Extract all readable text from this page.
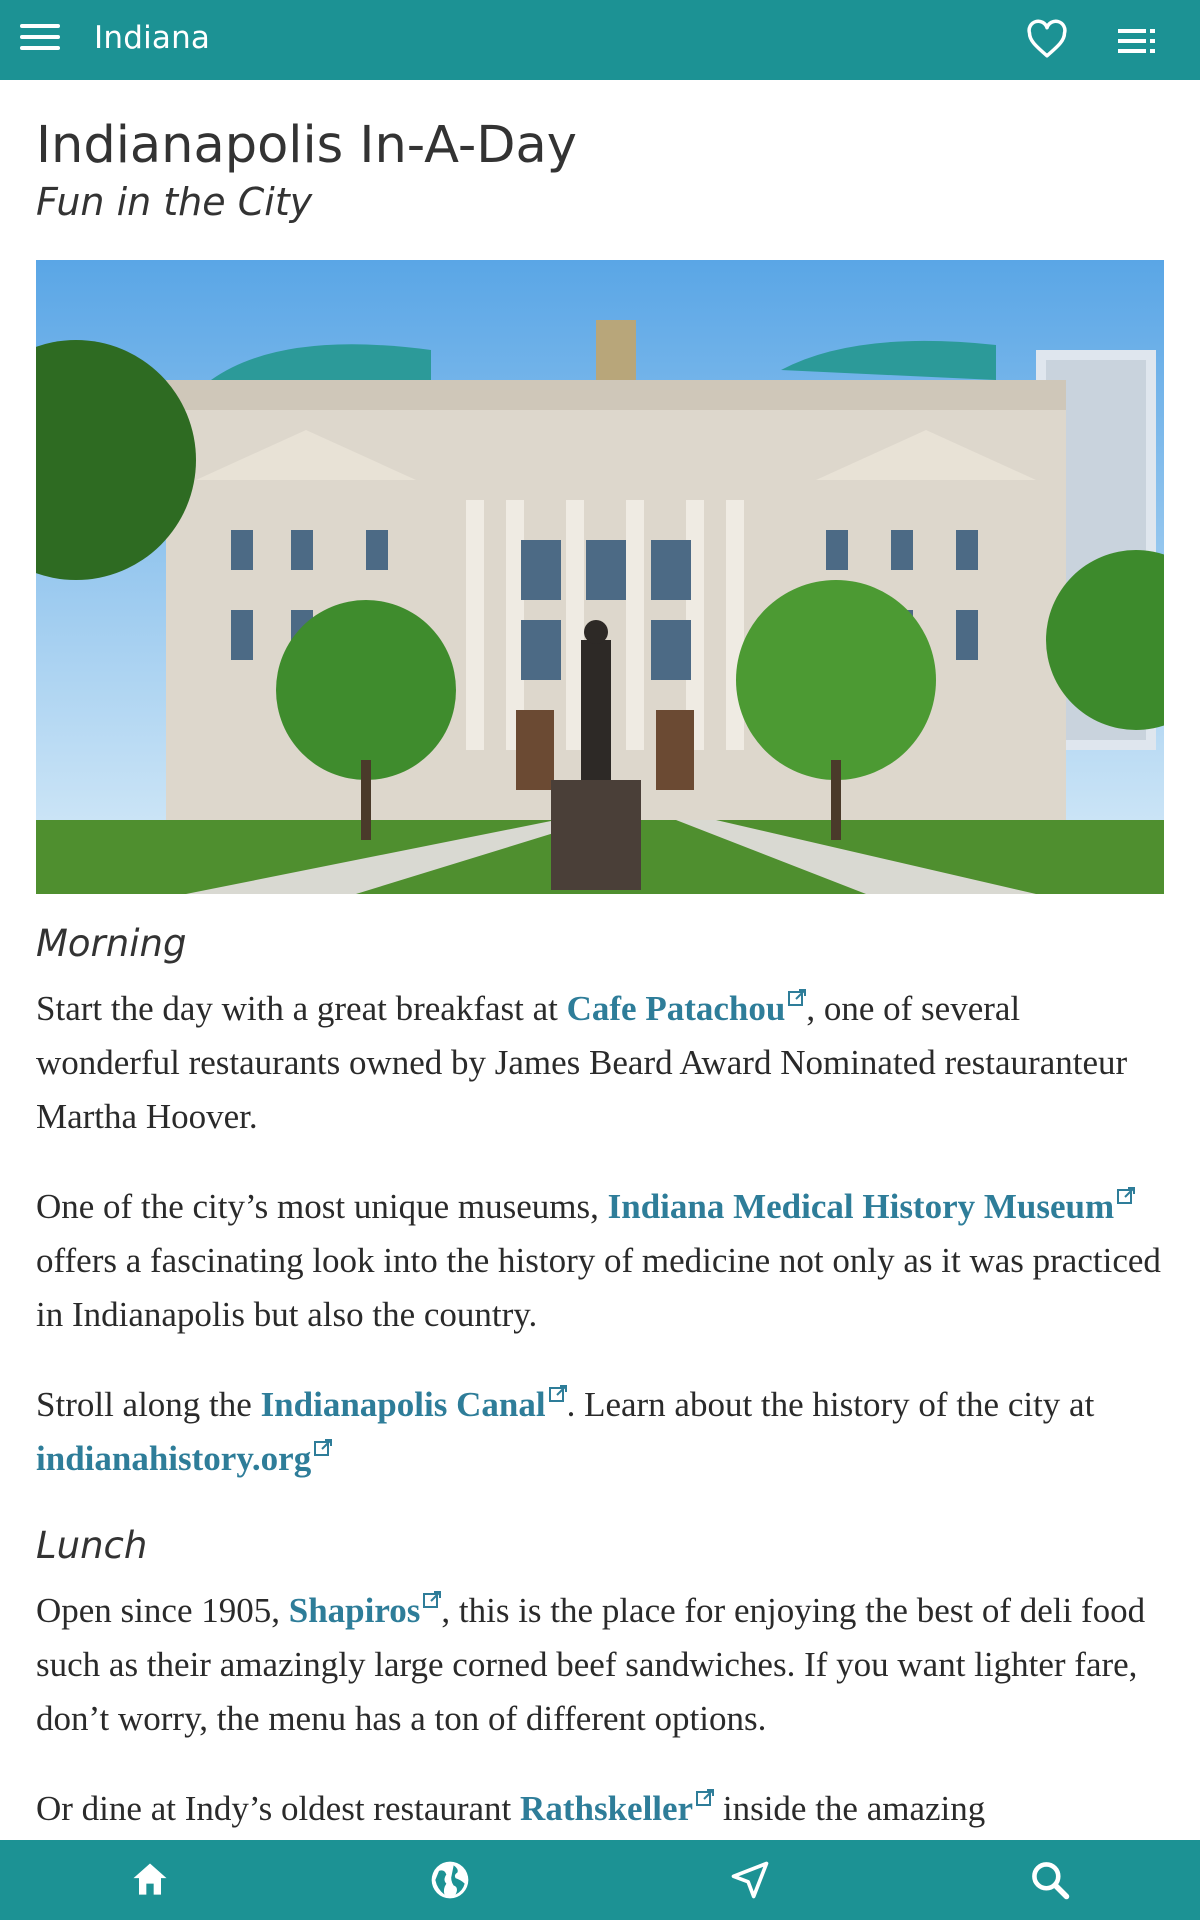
Indiana
Indianapolis In-A-Day

Fun in the City

Morning

Start the day with a great breakfast at Cafe Patachou , one of several wonderful restaurants owned by James Beard Award Nominated restauranteur Martha Hoover.

One of the city’s most unique museums, Indiana Medical History Museum offers a fascinating look into the history of medicine not only as it was practiced in Indianapolis but also the country.

Stroll along the Indianapolis Canal . Learn about the history of the city at indianahistory.org

Lunch

Open since 1905, Shapiros , this is the place for enjoying the best of deli food such as their amazingly large corned beef sandwiches. If you want lighter fare, don’t worry, the menu has a ton of different options.

Or dine at Indy’s oldest restaurant Rathskeller inside the amazing
